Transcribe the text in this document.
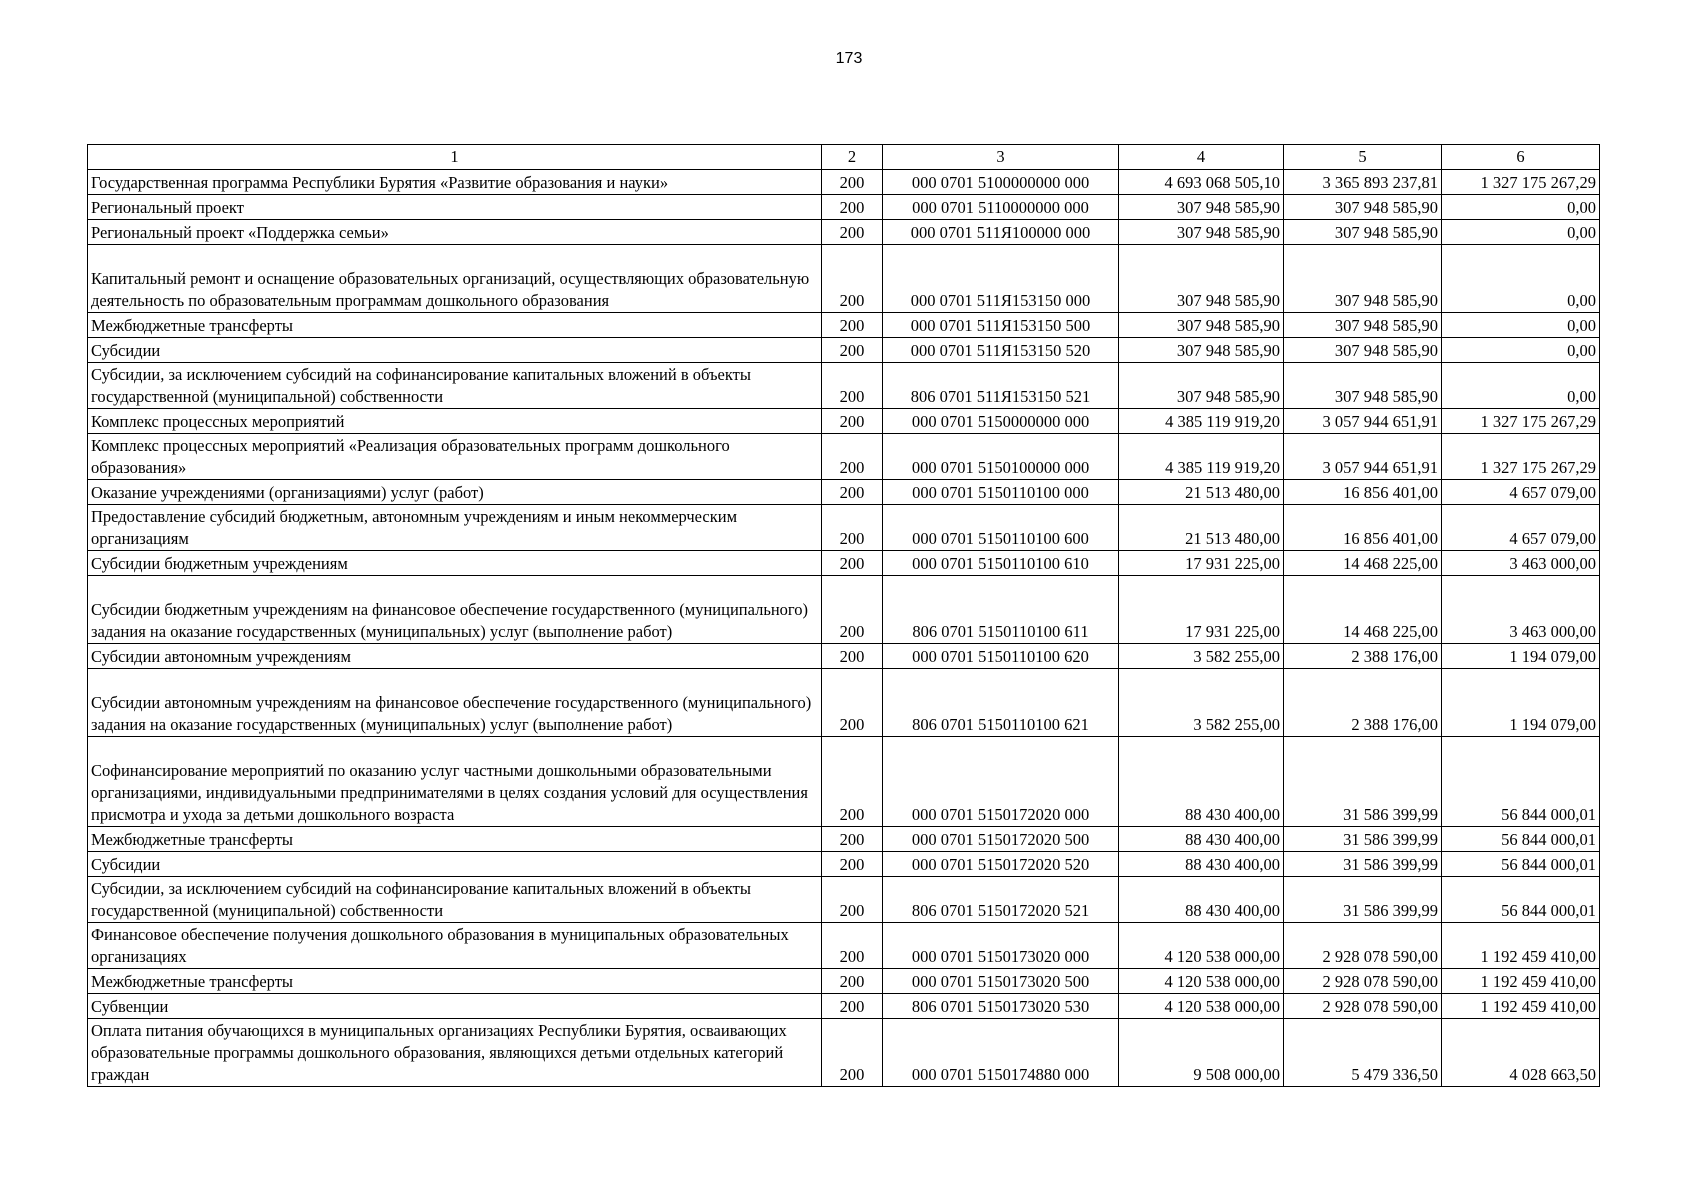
173
1	2	3	4	5	6
Государственная программа Республики Бурятия «Развитие образования и науки»	200	000 0701 5100000000 000	4 693 068 505,10	3 365 893 237,81	1 327 175 267,29
Региональный проект	200	000 0701 5110000000 000	307 948 585,90	307 948 585,90	0,00
Региональный проект «Поддержка семьи»	200	000 0701 511Я100000 000	307 948 585,90	307 948 585,90	0,00
Капитальный ремонт и оснащение образовательных организаций, осуществляющих образовательную деятельность по образовательным программам дошкольного образования	200	000 0701 511Я153150 000	307 948 585,90	307 948 585,90	0,00
Межбюджетные трансферты	200	000 0701 511Я153150 500	307 948 585,90	307 948 585,90	0,00
Субсидии	200	000 0701 511Я153150 520	307 948 585,90	307 948 585,90	0,00
Субсидии, за исключением субсидий на софинансирование капитальных вложений в объекты государственной (муниципальной) собственности	200	806 0701 511Я153150 521	307 948 585,90	307 948 585,90	0,00
Комплекс процессных мероприятий	200	000 0701 5150000000 000	4 385 119 919,20	3 057 944 651,91	1 327 175 267,29
Комплекс процессных мероприятий «Реализация образовательных программ дошкольного образования»	200	000 0701 5150100000 000	4 385 119 919,20	3 057 944 651,91	1 327 175 267,29
Оказание учреждениями (организациями) услуг (работ)	200	000 0701 5150110100 000	21 513 480,00	16 856 401,00	4 657 079,00
Предоставление субсидий бюджетным, автономным учреждениям и иным некоммерческим организациям	200	000 0701 5150110100 600	21 513 480,00	16 856 401,00	4 657 079,00
Субсидии бюджетным учреждениям	200	000 0701 5150110100 610	17 931 225,00	14 468 225,00	3 463 000,00
Субсидии бюджетным учреждениям на финансовое обеспечение государственного (муниципального) задания на оказание государственных (муниципальных) услуг (выполнение работ)	200	806 0701 5150110100 611	17 931 225,00	14 468 225,00	3 463 000,00
Субсидии автономным учреждениям	200	000 0701 5150110100 620	3 582 255,00	2 388 176,00	1 194 079,00
Субсидии автономным учреждениям на финансовое обеспечение государственного (муниципального) задания на оказание государственных (муниципальных) услуг (выполнение работ)	200	806 0701 5150110100 621	3 582 255,00	2 388 176,00	1 194 079,00
Софинансирование мероприятий по оказанию услуг частными дошкольными образовательными организациями, индивидуальными предпринимателями в целях создания условий для осуществления присмотра и ухода за детьми дошкольного возраста	200	000 0701 5150172020 000	88 430 400,00	31 586 399,99	56 844 000,01
Межбюджетные трансферты	200	000 0701 5150172020 500	88 430 400,00	31 586 399,99	56 844 000,01
Субсидии	200	000 0701 5150172020 520	88 430 400,00	31 586 399,99	56 844 000,01
Субсидии, за исключением субсидий на софинансирование капитальных вложений в объекты государственной (муниципальной) собственности	200	806 0701 5150172020 521	88 430 400,00	31 586 399,99	56 844 000,01
Финансовое обеспечение получения дошкольного образования в муниципальных образовательных организациях	200	000 0701 5150173020 000	4 120 538 000,00	2 928 078 590,00	1 192 459 410,00
Межбюджетные трансферты	200	000 0701 5150173020 500	4 120 538 000,00	2 928 078 590,00	1 192 459 410,00
Субвенции	200	806 0701 5150173020 530	4 120 538 000,00	2 928 078 590,00	1 192 459 410,00
Оплата питания обучающихся в муниципальных организациях Республики Бурятия, осваивающих образовательные программы дошкольного образования, являющихся детьми отдельных категорий граждан	200	000 0701 5150174880 000	9 508 000,00	5 479 336,50	4 028 663,50
